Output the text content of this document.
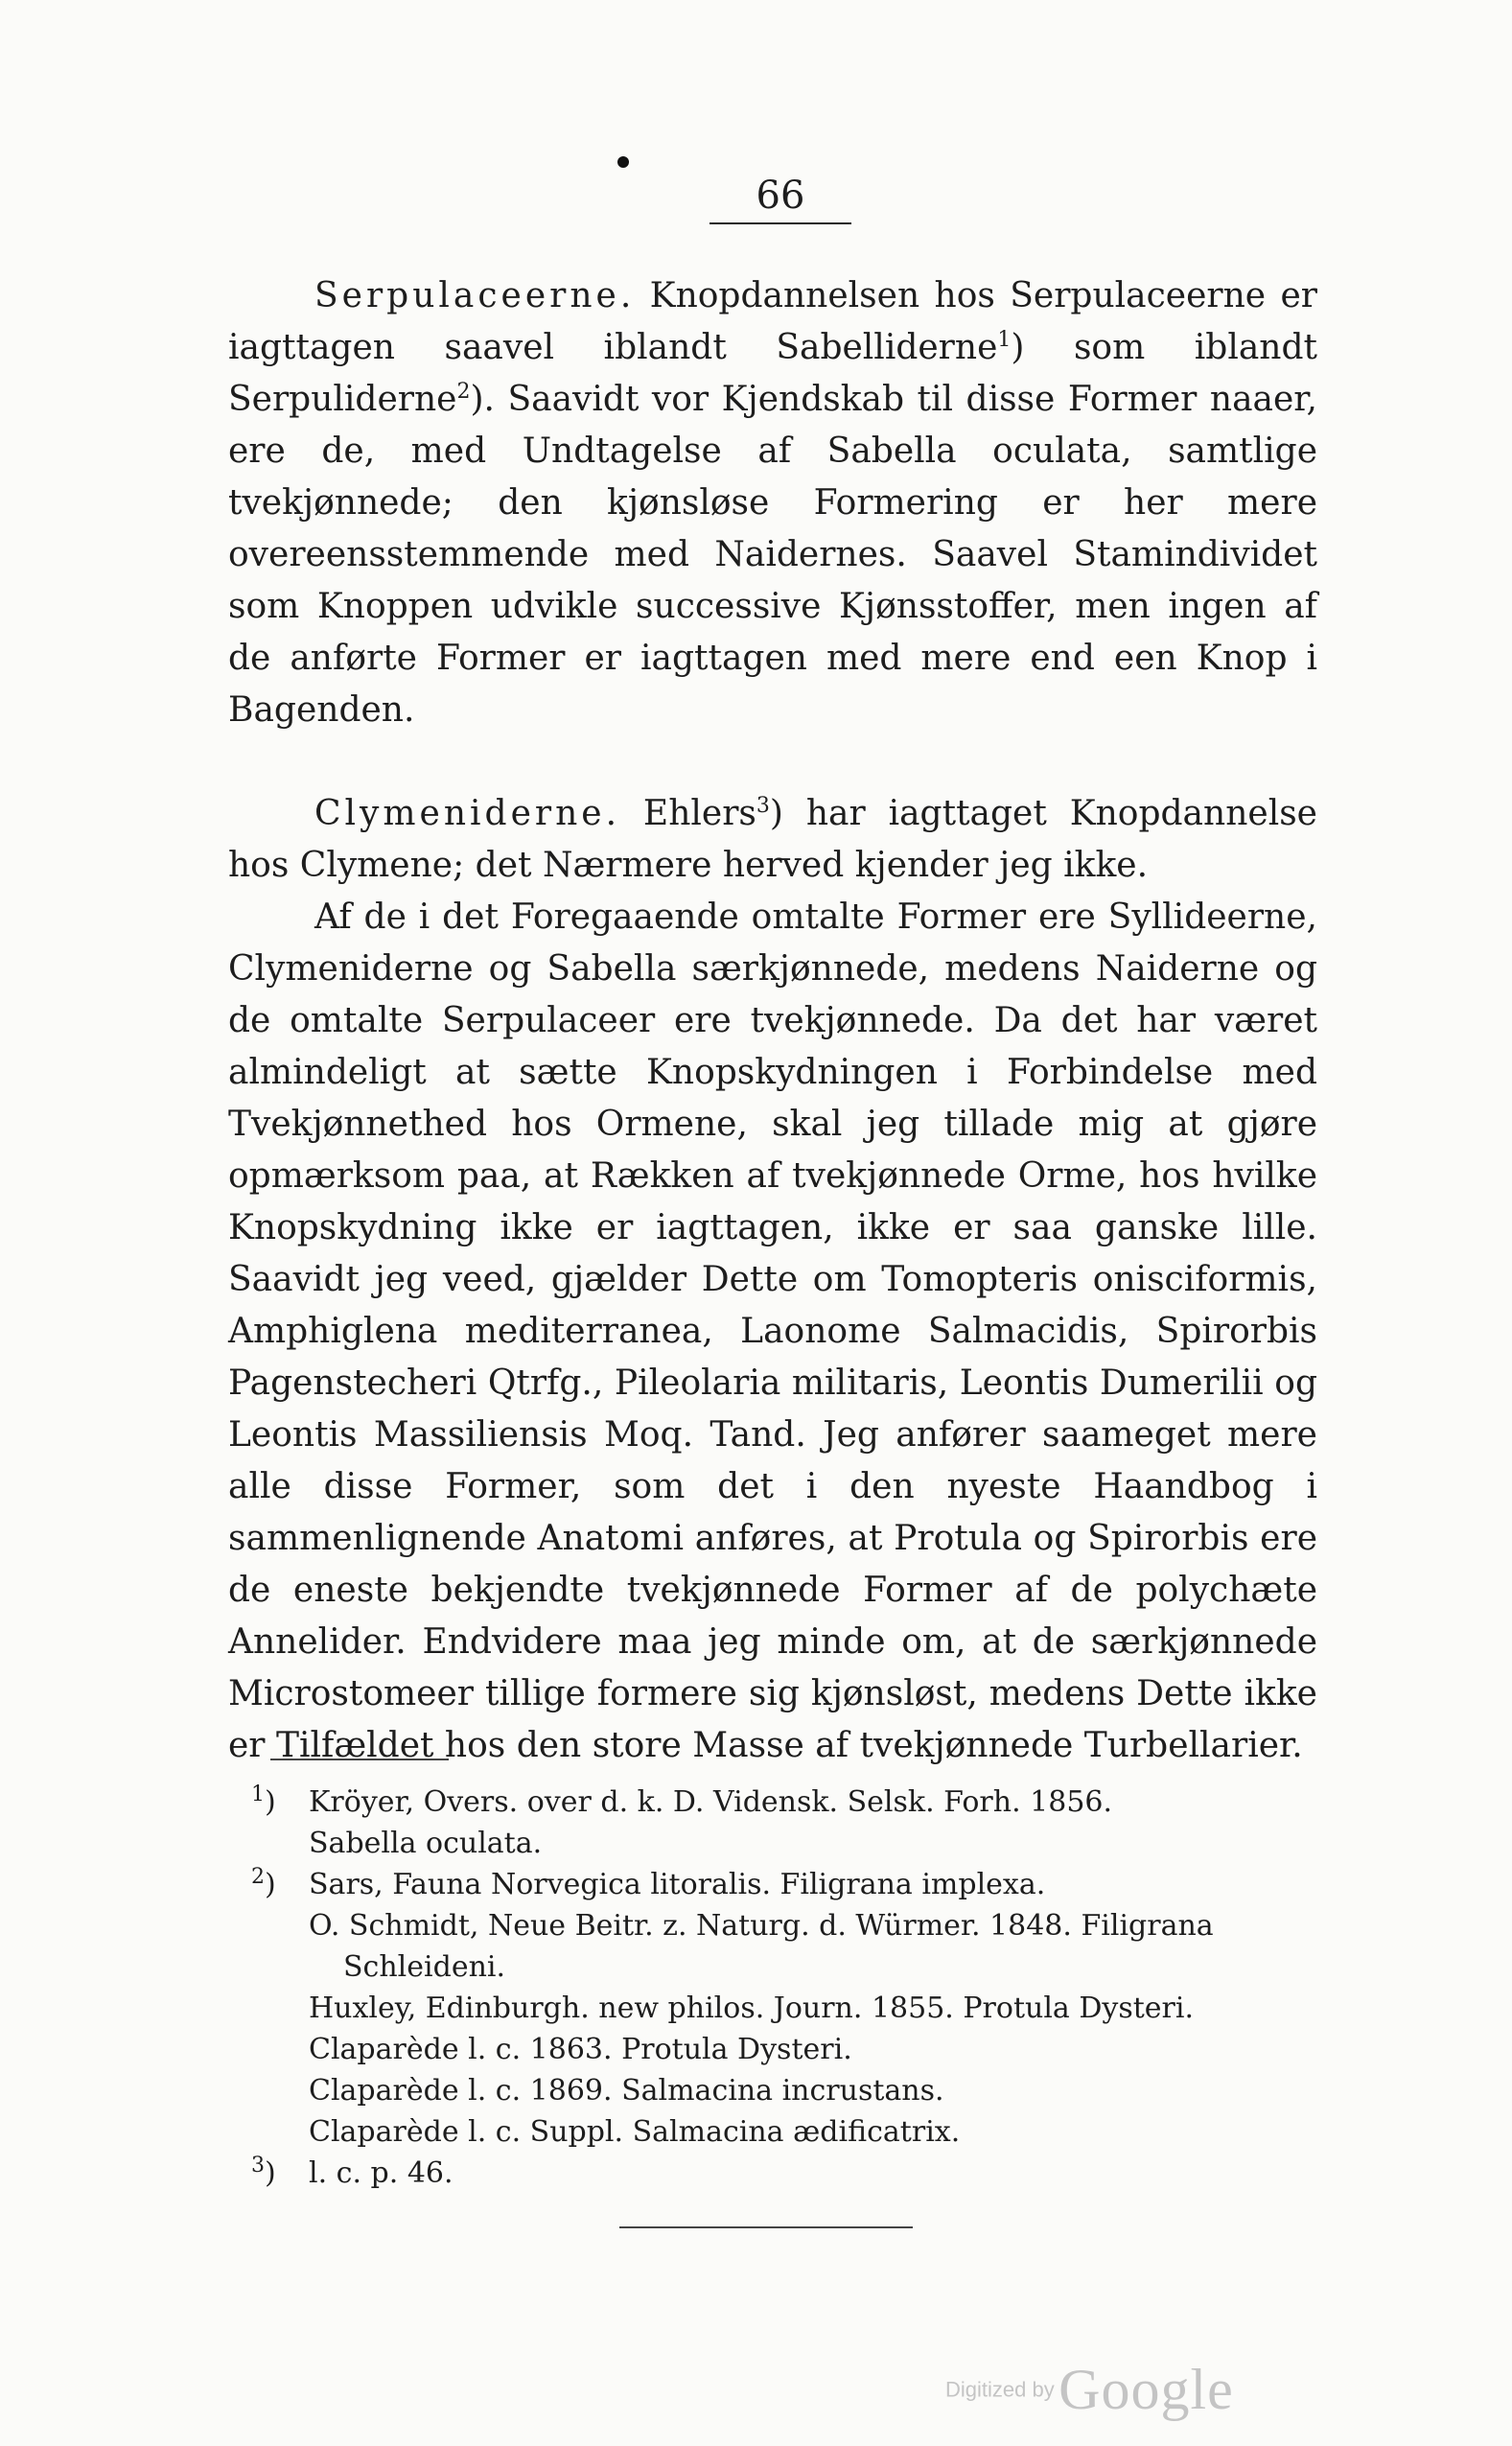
66

Serpulaceerne. Knopdannelsen hos Serpulaceerne er iagttagen saavel iblandt Sabelliderne$^1$) som iblandt Serpuliderne$^2$). Saavidt vor Kjendskab til disse Former naaer, ere de, med Undtagelse af Sabella oculata, samtlige tvekjønnede; den kjønsløse Formering er her mere overeensstemmende med Naidernes. Saavel Stamindividet som Knoppen udvikle successive Kjønsstoffer, men ingen af de anførte Former er iagttagen med mere end een Knop i Bagenden.

Clymeniderne. Ehlers$^3$) har iagttaget Knopdannelse hos Clymene; det Nærmere herved kjender jeg ikke.

Af de i det Foregaaende omtalte Former ere Syllideerne, Clymeniderne og Sabella særkjønnede, medens Naiderne og de omtalte Serpulaceer ere tvekjønnede. Da det har været almindeligt at sætte Knopskydningen i Forbindelse med Tvekjønnethed hos Ormene, skal jeg tillade mig at gjøre opmærksom paa, at Rækken af tvekjønnede Orme, hos hvilke Knopskydning ikke er iagttagen, ikke er saa ganske lille. Saavidt jeg veed, gjælder Dette om Tomopteris onisciformis, Amphiglena mediterranea, Laonome Salmacidis, Spirorbis Pagenstecheri Qtrfg., Pileolaria militaris, Leontis Dumerilii og Leontis Massiliensis Moq. Tand. Jeg anfører saameget mere alle disse Former, som det i den nyeste Haandbog i sammenlignende Anatomi anføres, at Protula og Spirorbis ere de eneste bekjendte tvekjønnede Former af de polychæte Annelider. Endvidere maa jeg minde om, at de særkjønnede Microstomeer tillige formere sig kjønsløst, medens Dette ikke er Tilfældet hos den store Masse af tvekjønnede Turbellarier.

$^1$) Kröyer, Overs. over d. k. D. Vidensk. Selsk. Forh. 1856.
Sabella oculata.
$^2$) Sars, Fauna Norvegica litoralis. Filigrana implexa.
O. Schmidt, Neue Beitr. z. Naturg. d. Würmer. 1848. Filigrana
Schleideni.
Huxley, Edinburgh. new philos. Journ. 1855. Protula Dysteri.
Claparède l. c. 1863. Protula Dysteri.
Claparède l. c. 1869. Salmacina incrustans.
Claparède l. c. Suppl. Salmacina ædificatrix.
$^3$) l. c. p. 46.
Digitized by Google
